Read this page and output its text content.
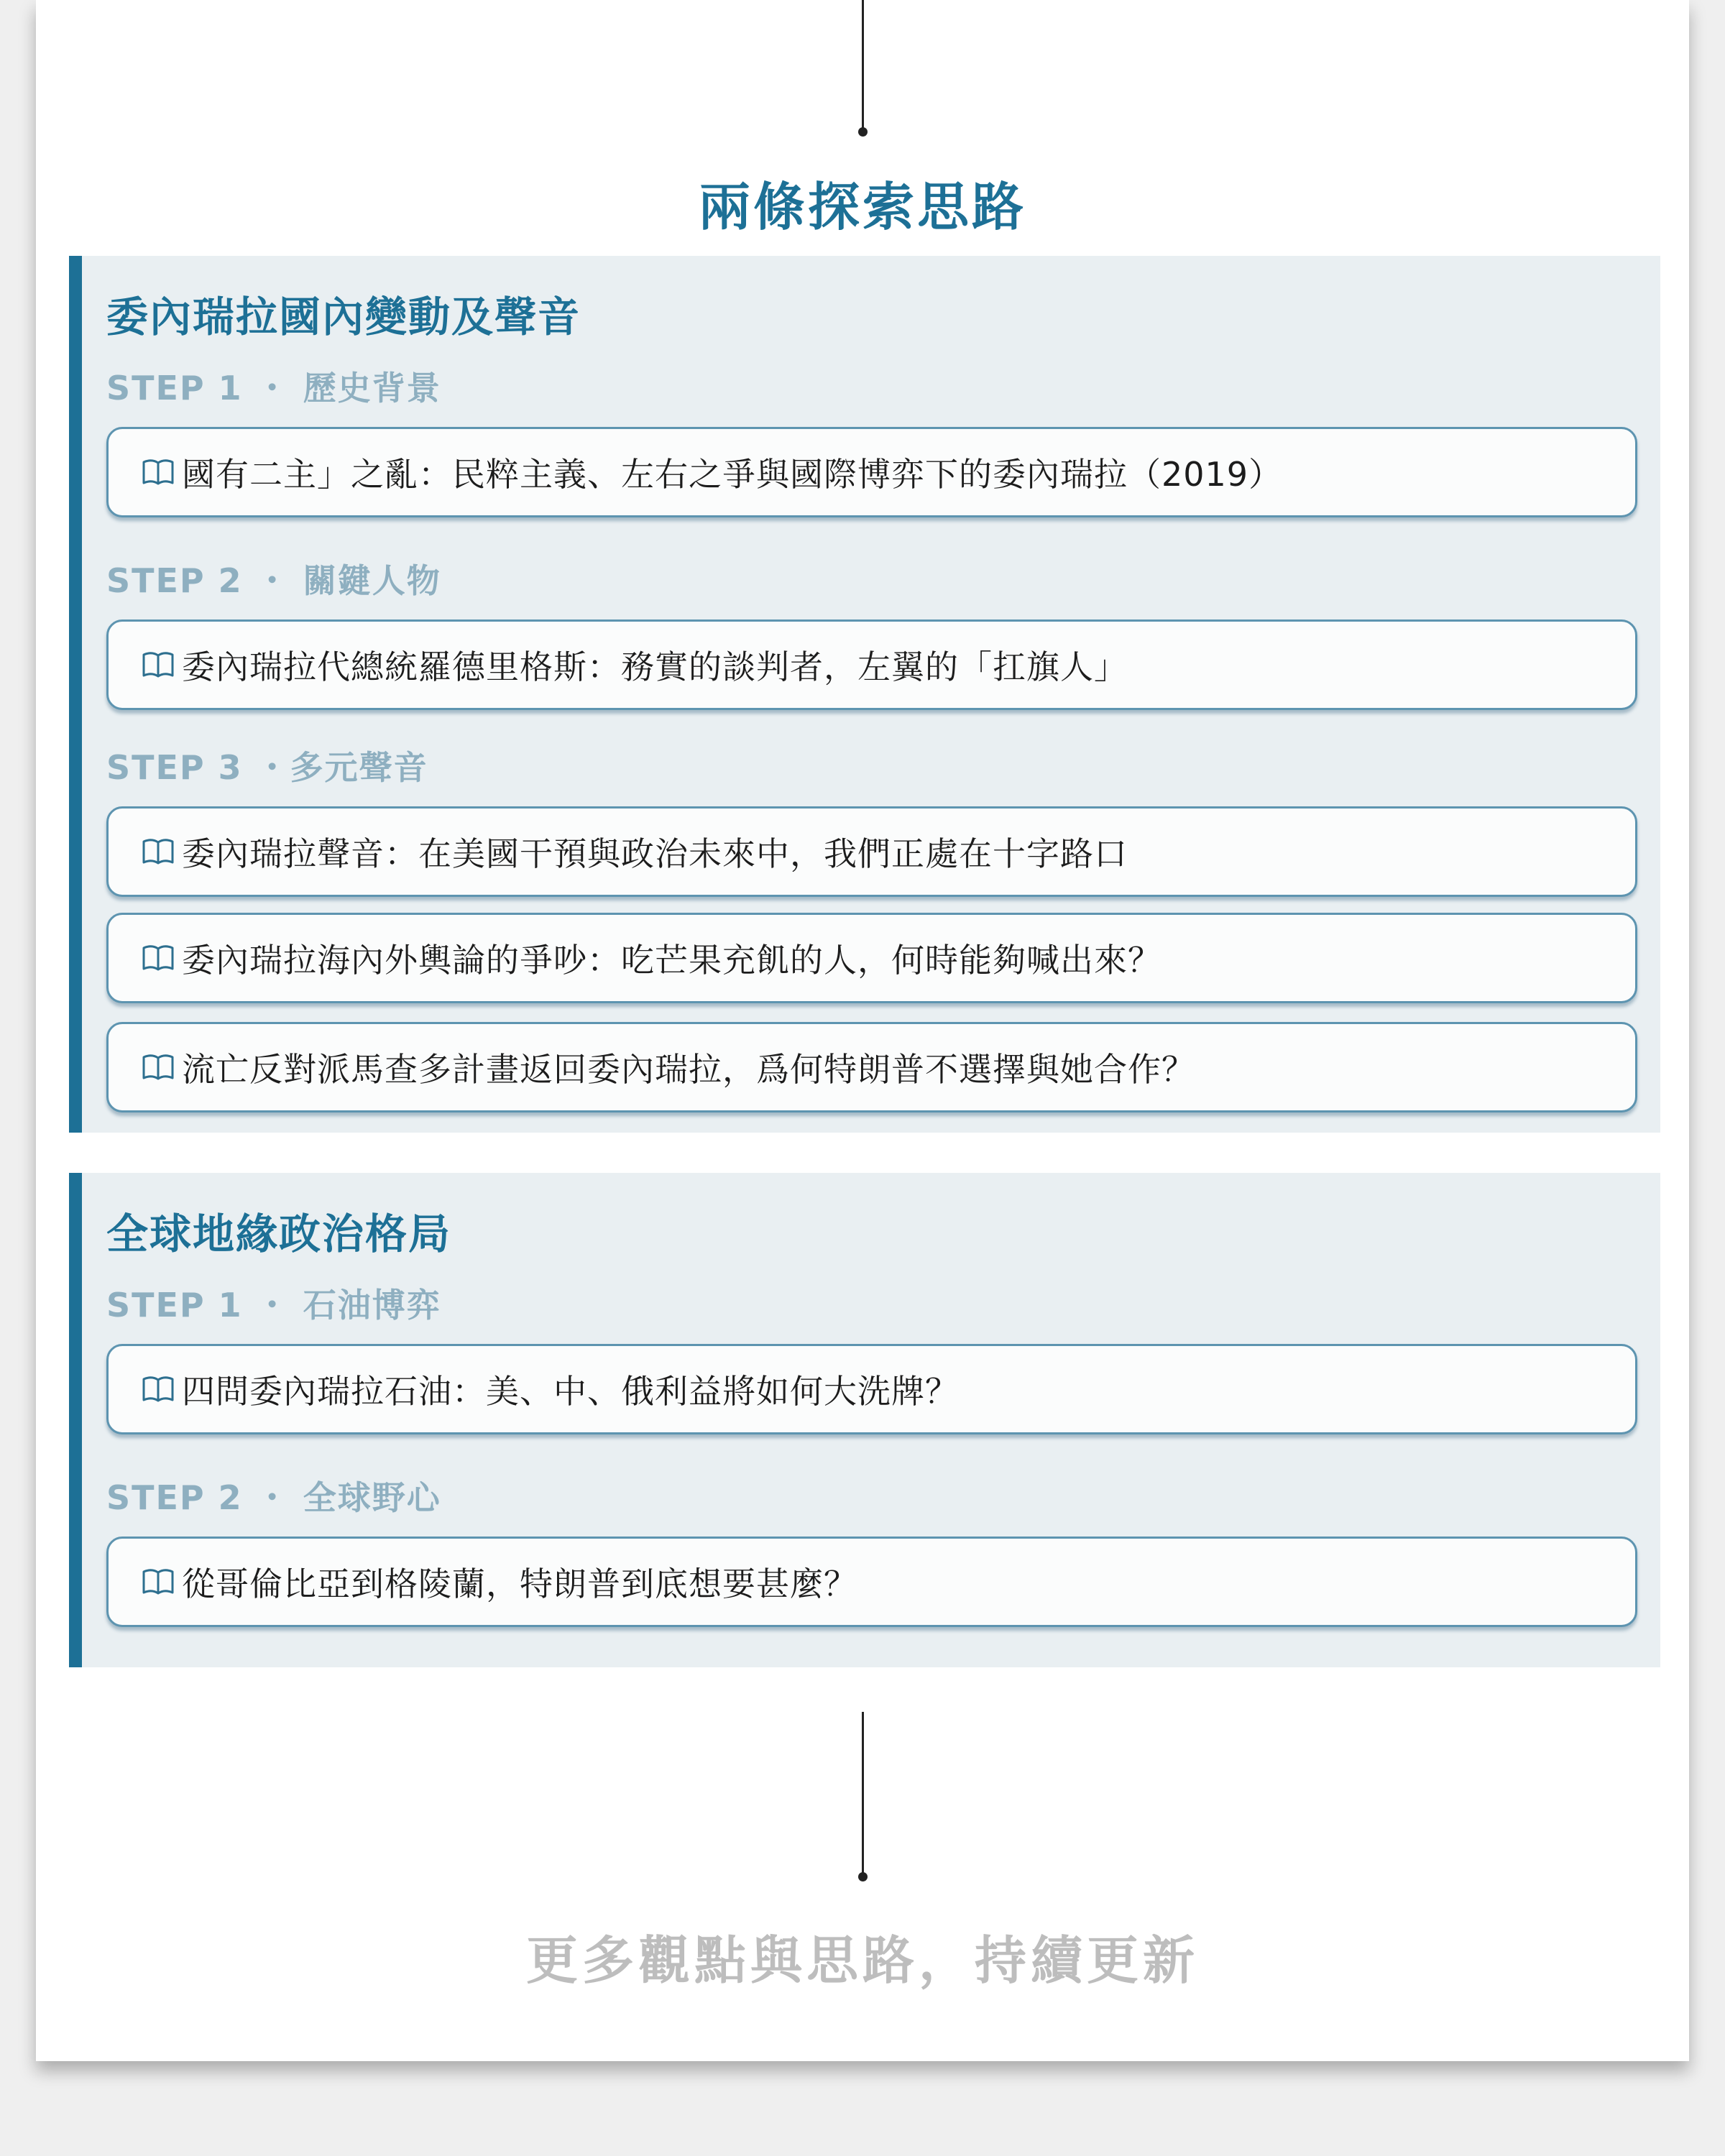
兩條探索思路
委內瑞拉國內變動及聲音
STEP 1 ・ 歷史背景
國有二主」之亂：民粹主義、左右之爭與國際博弈下的委內瑞拉（2019）
STEP 2 ・ 關鍵人物
委內瑞拉代總統羅德里格斯：務實的談判者，左翼的「扛旗人」
STEP 3 ・多元聲音
委內瑞拉聲音：在美國干預與政治未來中，我們正處在十字路口
委內瑞拉海內外輿論的爭吵：吃芒果充飢的人，何時能夠喊出來？
流亡反對派馬查多計畫返回委內瑞拉，爲何特朗普不選擇與她合作？
全球地緣政治格局
STEP 1 ・ 石油博弈
四問委內瑞拉石油：美、中、俄利益將如何大洗牌？
STEP 2 ・ 全球野心
從哥倫比亞到格陵蘭，特朗普到底想要甚麼？
更多觀點與思路，持續更新
